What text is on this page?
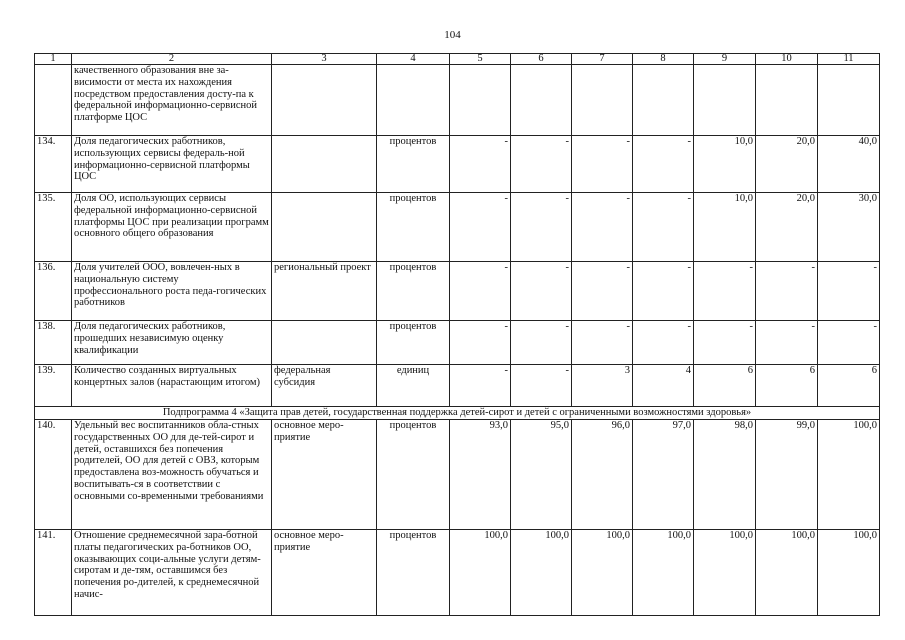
104
1	2	3	4	5	6	7	8	9	10	11
	качественного образования вне за-висимости от места их нахождения посредством предоставления досту-па к федеральной информационно-сервисной платформе ЦОС									
134.	Доля педагогических работников, использующих сервисы федераль-ной информационно-сервисной платформы ЦОС		процентов	-	-	-	-	10,0	20,0	40,0
135.	Доля ОО, использующих сервисы федеральной информационно-сервисной платформы ЦОС при реализации программ основного общего образования		процентов	-	-	-	-	10,0	20,0	30,0
136.	Доля учителей ООО, вовлечен-ных в национальную систему профессионального роста педа-гогических работников	региональный проект	процентов	-	-	-	-	-	-	-
138.	Доля педагогических работников, прошедших независимую оценку квалификации		процентов	-	-	-	-	-	-	-
139.	Количество созданных виртуальных концертных залов (нарастающим итогом)	федеральная субсидия	единиц	-	-	3	4	6	6	6
Подпрограмма 4 «Защита прав детей, государственная поддержка детей-сирот и детей с ограниченными возможностями здоровья»										
140.	Удельный вес воспитанников обла-стных государственных ОО для де-тей-сирот и детей, оставшихся без попечения родителей, ОО для детей с ОВЗ, которым предоставлена воз-можность обучаться и воспитывать-ся в соответствии с основными со-временными требованиями	основное меро-приятие	процентов	93,0	95,0	96,0	97,0	98,0	99,0	100,0
141.	Отношение среднемесячной зара-ботной платы педагогических ра-ботников ОО, оказывающих соци-альные услуги детям-сиротам и де-тям, оставшимся без попечения ро-дителей, к среднемесячной начис-	основное меро-приятие	процентов	100,0	100,0	100,0	100,0	100,0	100,0	100,0
